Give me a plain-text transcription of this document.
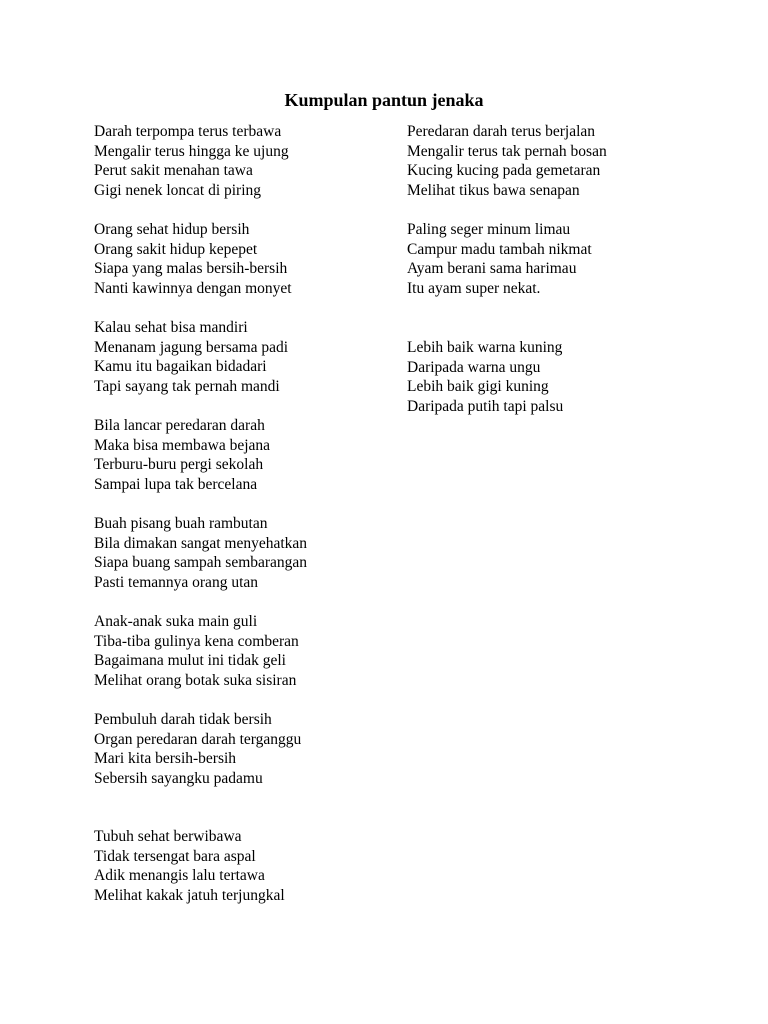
Kumpulan pantun jenaka
Darah terpompa terus terbawa
Mengalir terus hingga ke ujung
Perut sakit menahan tawa
Gigi nenek loncat di piring
Orang sehat hidup bersih
Orang sakit hidup kepepet
Siapa yang malas bersih-bersih
Nanti kawinnya dengan monyet
Kalau sehat bisa mandiri
Menanam jagung bersama padi
Kamu itu bagaikan bidadari
Tapi sayang tak pernah mandi
Bila lancar peredaran darah
Maka bisa membawa bejana
Terburu-buru pergi sekolah
Sampai lupa tak bercelana
Buah pisang buah rambutan
Bila dimakan sangat menyehatkan
Siapa buang sampah sembarangan
Pasti temannya orang utan
Anak-anak suka main guli
Tiba-tiba gulinya kena comberan
Bagaimana mulut ini tidak geli
Melihat orang botak suka sisiran
Pembuluh darah tidak bersih
Organ peredaran darah terganggu
Mari kita bersih-bersih
Sebersih sayangku padamu
Tubuh sehat berwibawa
Tidak tersengat bara aspal
Adik menangis lalu tertawa
Melihat kakak jatuh terjungkal
Peredaran darah terus berjalan
Mengalir terus tak pernah bosan
Kucing kucing pada gemetaran
Melihat tikus bawa senapan
Paling seger minum limau
Campur madu tambah nikmat
Ayam berani sama harimau
Itu ayam super nekat.
Lebih baik warna kuning
Daripada warna ungu
Lebih baik gigi kuning
Daripada putih tapi palsu
